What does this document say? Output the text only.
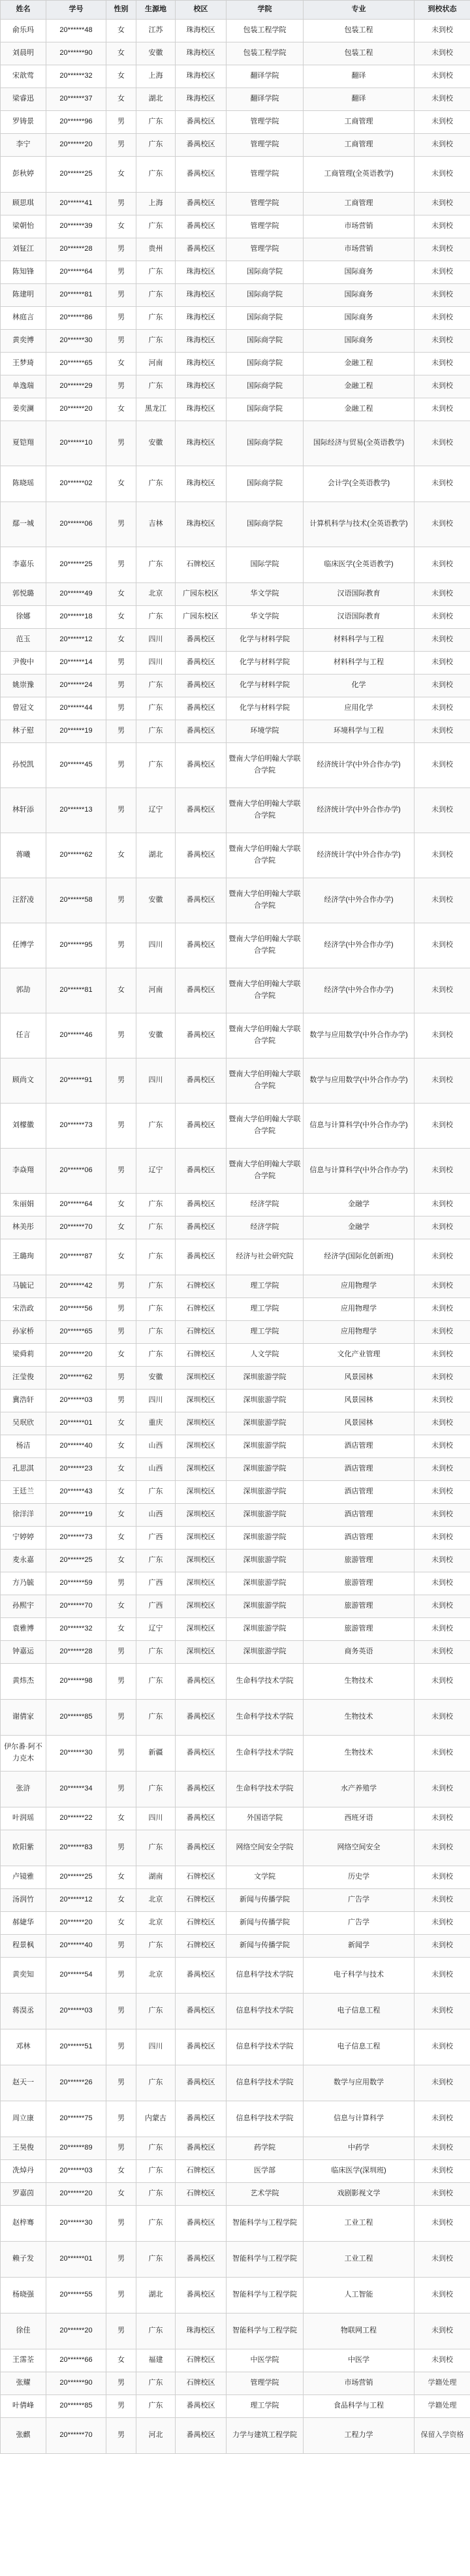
姓名	学号	性别	生源地	校区	学院	专业	到校状态
俞乐玛	20******48	女	江苏	珠海校区	包装工程学院	包装工程	未到校
刘晨明	20******90	女	安徽	珠海校区	包装工程学院	包装工程	未到校
宋歆莺	20******32	女	上海	珠海校区	翻译学院	翻译	未到校
梁睿迅	20******37	女	湖北	珠海校区	翻译学院	翻译	未到校
罗铸景	20******96	男	广东	番禺校区	管理学院	工商管理	未到校
李宁	20******20	男	广东	番禺校区	管理学院	工商管理	未到校
彭秋婷	20******25	女	广东	番禺校区	管理学院	工商管理(全英语教学)	未到校
顾思琪	20******41	男	上海	番禺校区	管理学院	工商管理	未到校
梁朝怡	20******39	女	广东	番禺校区	管理学院	市场营销	未到校
刘钲江	20******28	男	贵州	番禺校区	管理学院	市场营销	未到校
陈知锋	20******64	男	广东	珠海校区	国际商学院	国际商务	未到校
陈建明	20******81	男	广东	珠海校区	国际商学院	国际商务	未到校
林庭言	20******86	男	广东	珠海校区	国际商学院	国际商务	未到校
黄奕博	20******30	男	广东	珠海校区	国际商学院	国际商务	未到校
王梦琦	20******65	女	河南	珠海校区	国际商学院	金融工程	未到校
单逸瑞	20******29	男	广东	珠海校区	国际商学院	金融工程	未到校
姜奕澜	20******20	女	黑龙江	珠海校区	国际商学院	金融工程	未到校
夏铠翔	20******10	男	安徽	珠海校区	国际商学院	国际经济与贸易(全英语教学)	未到校
陈晓瑶	20******02	女	广东	珠海校区	国际商学院	会计学(全英语教学)	未到校
鄢一城	20******06	男	吉林	珠海校区	国际商学院	计算机科学与技术(全英语教学)	未到校
李嘉乐	20******25	男	广东	石牌校区	国际学院	临床医学(全英语教学)	未到校
郭悦璐	20******49	女	北京	广园东校区	华文学院	汉语国际教育	未到校
徐娜	20******18	女	广东	广园东校区	华文学院	汉语国际教育	未到校
范玉	20******12	女	四川	番禺校区	化学与材料学院	材料科学与工程	未到校
尹俊中	20******14	男	四川	番禺校区	化学与材料学院	材料科学与工程	未到校
姚崇豫	20******24	男	广东	番禺校区	化学与材料学院	化学	未到校
曾冠文	20******44	男	广东	番禺校区	化学与材料学院	应用化学	未到校
林子慰	20******19	男	广东	番禺校区	环境学院	环境科学与工程	未到校
孙悦凯	20******45	男	广东	番禺校区	暨南大学伯明翰大学联合学院	经济统计学(中外合作办学)	未到校
林轩添	20******13	男	辽宁	番禺校区	暨南大学伯明翰大学联合学院	经济统计学(中外合作办学)	未到校
蒋曦	20******62	女	湖北	番禺校区	暨南大学伯明翰大学联合学院	经济统计学(中外合作办学)	未到校
汪舒凌	20******58	男	安徽	番禺校区	暨南大学伯明翰大学联合学院	经济学(中外合作办学)	未到校
任博学	20******95	男	四川	番禺校区	暨南大学伯明翰大学联合学院	经济学(中外合作办学)	未到校
郭劼	20******81	女	河南	番禺校区	暨南大学伯明翰大学联合学院	经济学(中外合作办学)	未到校
任言	20******46	男	安徽	番禺校区	暨南大学伯明翰大学联合学院	数学与应用数学(中外合作办学)	未到校
顾尚文	20******91	男	四川	番禺校区	暨南大学伯明翰大学联合学院	数学与应用数学(中外合作办学)	未到校
刘檬徽	20******73	男	广东	番禺校区	暨南大学伯明翰大学联合学院	信息与计算科学(中外合作办学)	未到校
李焱翔	20******06	男	辽宁	番禺校区	暨南大学伯明翰大学联合学院	信息与计算科学(中外合作办学)	未到校
朱丽娟	20******64	女	广东	番禺校区	经济学院	金融学	未到校
林美彤	20******70	女	广东	番禺校区	经济学院	金融学	未到校
王璐珣	20******87	女	广东	番禺校区	经济与社会研究院	经济学(国际化创新班)	未到校
马毓记	20******42	男	广东	石牌校区	理工学院	应用物理学	未到校
宋浩政	20******56	男	广东	石牌校区	理工学院	应用物理学	未到校
孙家桥	20******65	男	广东	石牌校区	理工学院	应用物理学	未到校
梁舜莉	20******20	女	广东	石牌校区	人文学院	文化产业管理	未到校
汪莹俊	20******62	男	安徽	深圳校区	深圳旅游学院	风景园林	未到校
冀浩轩	20******03	男	四川	深圳校区	深圳旅游学院	风景园林	未到校
吴珉欣	20******01	女	重庆	深圳校区	深圳旅游学院	风景园林	未到校
杨洁	20******40	女	山西	深圳校区	深圳旅游学院	酒店管理	未到校
孔思淇	20******23	女	山西	深圳校区	深圳旅游学院	酒店管理	未到校
王廷兰	20******43	女	广东	深圳校区	深圳旅游学院	酒店管理	未到校
徐洋洋	20******19	女	山西	深圳校区	深圳旅游学院	酒店管理	未到校
宁婷婷	20******73	女	广西	深圳校区	深圳旅游学院	酒店管理	未到校
麦永嘉	20******25	女	广东	深圳校区	深圳旅游学院	旅游管理	未到校
方乃毓	20******59	男	广西	深圳校区	深圳旅游学院	旅游管理	未到校
孙熙宇	20******70	女	广西	深圳校区	深圳旅游学院	旅游管理	未到校
袁雅博	20******32	女	辽宁	深圳校区	深圳旅游学院	旅游管理	未到校
钟嘉运	20******28	男	广东	深圳校区	深圳旅游学院	商务英语	未到校
黄炜杰	20******98	男	广东	番禺校区	生命科学技术学院	生物技术	未到校
谢倩家	20******85	男	广东	番禺校区	生命科学技术学院	生物技术	未到校
伊尔番·阿不力克木	20******30	男	新疆	番禺校区	生命科学技术学院	生物技术	未到校
张浒	20******34	男	广东	番禺校区	生命科学技术学院	水产养殖学	未到校
叶润瑶	20******22	女	四川	番禺校区	外国语学院	西班牙语	未到校
欧阳紫	20******83	男	广东	番禺校区	网络空间安全学院	网络空间安全	未到校
卢镜雅	20******25	女	湖南	石牌校区	文学院	历史学	未到校
汤润竹	20******12	女	北京	石牌校区	新闻与传播学院	广告学	未到校
郝婕华	20******20	女	北京	石牌校区	新闻与传播学院	广告学	未到校
程景枫	20******40	男	广东	石牌校区	新闻与传播学院	新闻学	未到校
黄奕知	20******54	男	北京	番禺校区	信息科学技术学院	电子科学与技术	未到校
蒋淏丞	20******03	男	广东	番禺校区	信息科学技术学院	电子信息工程	未到校
邓林	20******51	男	四川	番禺校区	信息科学技术学院	电子信息工程	未到校
赵天一	20******26	男	广东	番禺校区	信息科学技术学院	数学与应用数学	未到校
周立康	20******75	男	内蒙古	番禺校区	信息科学技术学院	信息与计算科学	未到校
王昊俊	20******89	男	广东	番禺校区	药学院	中药学	未到校
冼焯丹	20******03	女	广东	石牌校区	医学部	临床医学(深圳班)	未到校
罗嘉茵	20******20	女	广东	石牌校区	艺术学院	戏剧影视文学	未到校
赵梓骞	20******30	男	广东	番禺校区	智能科学与工程学院	工业工程	未到校
赖子发	20******01	男	广东	番禺校区	智能科学与工程学院	工业工程	未到校
杨晓强	20******55	男	湖北	番禺校区	智能科学与工程学院	人工智能	未到校
徐佳	20******20	男	广东	珠海校区	智能科学与工程学院	物联网工程	未到校
王霈荃	20******66	女	福建	石牌校区	中医学院	中医学	未到校
张耀	20******90	男	广东	石牌校区	管理学院	市场营销	学籍处理
叶倩峰	20******85	男	广东	番禺校区	理工学院	食品科学与工程	学籍处理
张麒	20******70	男	河北	番禺校区	力学与建筑工程学院	工程力学	保留入学资格
